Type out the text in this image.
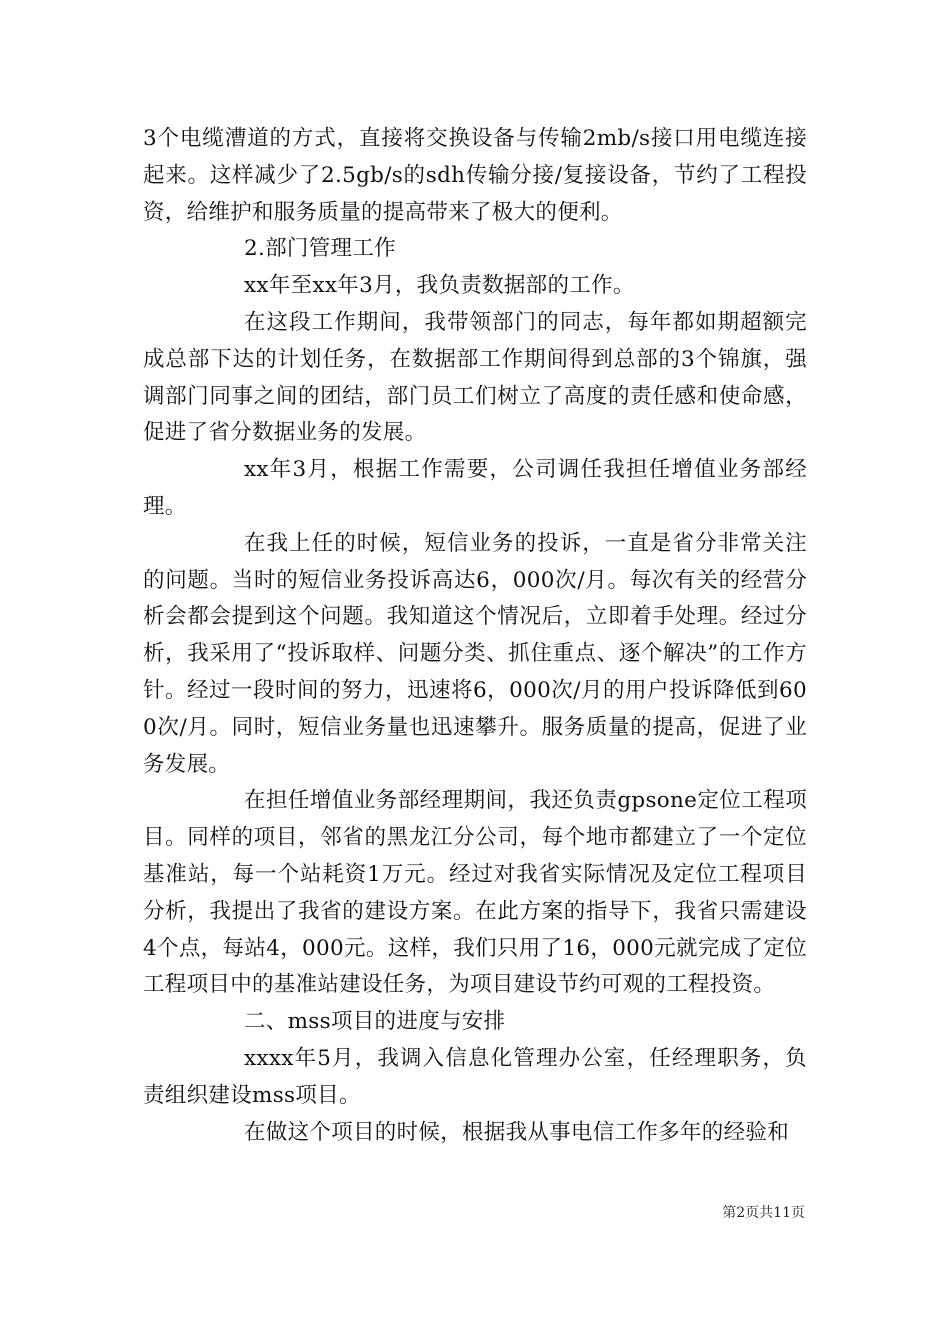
3个电缆漕道的方式，直接将交换设备与传输2mb/s接口用电缆连接起来。这样减少了2.5gb/s的sdh传输分接/复接设备，节约了工程投资，给维护和服务质量的提高带来了极大的便利。

2.部门管理工作

xx年至xx年3月，我负责数据部的工作。

在这段工作期间，我带领部门的同志，每年都如期超额完成总部下达的计划任务，在数据部工作期间得到总部的3个锦旗，强调部门同事之间的团结，部门员工们树立了高度的责任感和使命感，促进了省分数据业务的发展。

xx年3月，根据工作需要，公司调任我担任增值业务部经理。

在我上任的时候，短信业务的投诉，一直是省分非常关注的问题。当时的短信业务投诉高达6，000次/月。每次有关的经营分析会都会提到这个问题。我知道这个情况后，立即着手处理。经过分析，我采用了“投诉取样、问题分类、抓住重点、逐个解决”的工作方针。经过一段时间的努力，迅速将6，000次/月的用户投诉降低到600次/月。同时，短信业务量也迅速攀升。服务质量的提高，促进了业务发展。

在担任增值业务部经理期间，我还负责gpsone定位工程项目。同样的项目，邻省的黑龙江分公司，每个地市都建立了一个定位基准站，每一个站耗资1万元。经过对我省实际情况及定位工程项目分析，我提出了我省的建设方案。在此方案的指导下，我省只需建设4个点，每站4，000元。这样，我们只用了16，000元就完成了定位工程项目中的基准站建设任务，为项目建设节约可观的工程投资。

二、mss项目的进度与安排

xxxx年5月，我调入信息化管理办公室，任经理职务，负责组织建设mss项目。

在做这个项目的时候，根据我从事电信工作多年的经验和

第2页共11页
